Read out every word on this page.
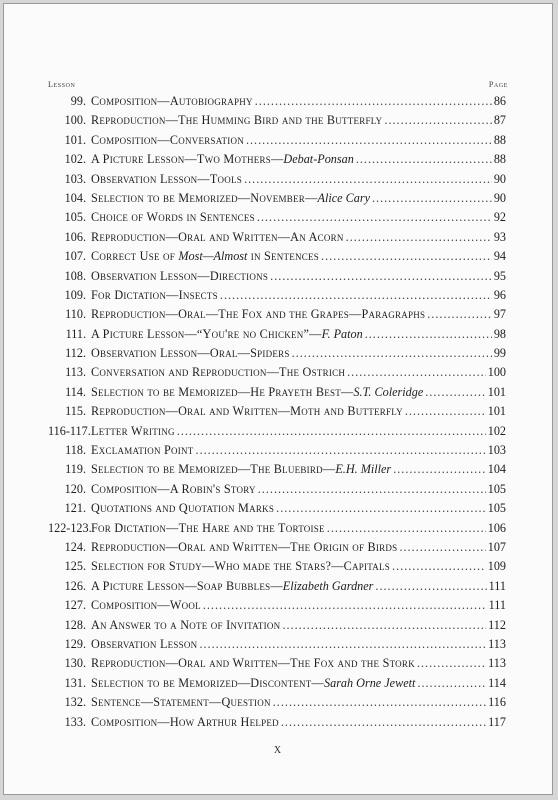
Lesson	Page
99. Composition—Autobiography .....	86
100. Reproduction—The Humming Bird and the Butterfly .....	87
101. Composition—Conversation .....	88
102. A Picture Lesson—Two Mothers—Debat-Ponsan .....	88
103. Observation Lesson—Tools .....	90
104. Selection to be Memorized—November—Alice Cary .....	90
105. Choice of Words in Sentences .....	92
106. Reproduction—Oral and Written—An Acorn .....	93
107. Correct Use of Most—Almost in Sentences .....	94
108. Observation Lesson—Directions .....	95
109. For Dictation—Insects .....	96
110. Reproduction—Oral—The Fox and the Grapes—Paragraphs .....	97
111. A Picture Lesson—“You're no Chicken”—F. Paton .....	98
112. Observation Lesson—Oral—Spiders .....	99
113. Conversation and Reproduction—The Ostrich .....	100
114. Selection to be Memorized—He Prayeth Best—S.T. Coleridge .....	101
115. Reproduction—Oral and Written—Moth and Butterfly .....	101
116-117. Letter Writing .....	102
118. Exclamation Point .....	103
119. Selection to be Memorized—The Bluebird—E.H. Miller .....	104
120. Composition—A Robin's Story .....	105
121. Quotations and Quotation Marks .....	105
122-123. For Dictation—The Hare and the Tortoise .....	106
124. Reproduction—Oral and Written—The Origin of Birds .....	107
125. Selection for Study—Who made the Stars?—Capitals .....	109
126. A Picture Lesson—Soap Bubbles—Elizabeth Gardner .....	111
127. Composition—Wool .....	111
128. An Answer to a Note of Invitation .....	112
129. Observation Lesson .....	113
130. Reproduction—Oral and Written—The Fox and the Stork .....	113
131. Selection to be Memorized—Discontent—Sarah Orne Jewett .....	114
132. Sentence—Statement—Question .....	116
133. Composition—How Arthur Helped .....	117
x
